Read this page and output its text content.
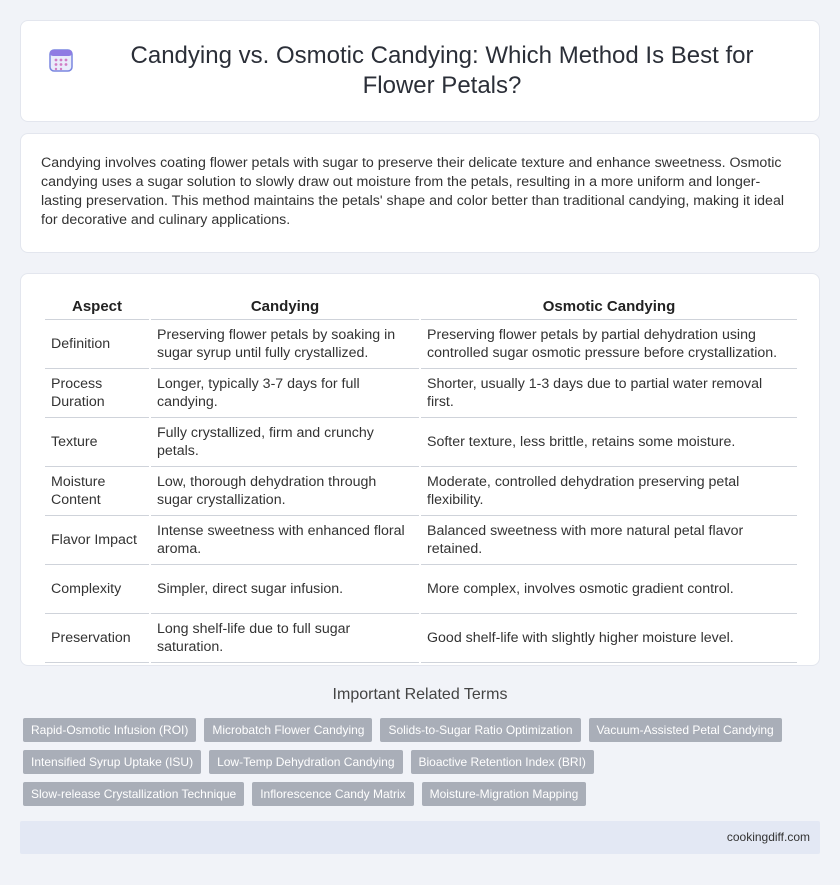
Candying vs. Osmotic Candying: Which Method Is Best for Flower Petals?

Candying involves coating flower petals with sugar to preserve their delicate texture and enhance sweetness. Osmotic candying uses a sugar solution to slowly draw out moisture from the petals, resulting in a more uniform and longer-lasting preservation. This method maintains the petals' shape and color better than traditional candying, making it ideal for decorative and culinary applications.

Aspect	Candying	Osmotic Candying
Definition	Preserving flower petals by soaking in sugar syrup until fully crystallized.	Preserving flower petals by partial dehydration using controlled sugar osmotic pressure before crystallization.
Process Duration	Longer, typically 3-7 days for full candying.	Shorter, usually 1-3 days due to partial water removal first.
Texture	Fully crystallized, firm and crunchy petals.	Softer texture, less brittle, retains some moisture.
Moisture Content	Low, thorough dehydration through sugar crystallization.	Moderate, controlled dehydration preserving petal flexibility.
Flavor Impact	Intense sweetness with enhanced floral aroma.	Balanced sweetness with more natural petal flavor retained.
Complexity	Simpler, direct sugar infusion.	More complex, involves osmotic gradient control.
Preservation	Long shelf-life due to full sugar saturation.	Good shelf-life with slightly higher moisture level.
Important Related Terms
Rapid-Osmotic Infusion (ROI)	Microbatch Flower Candying	Solids-to-Sugar Ratio Optimization	Vacuum-Assisted Petal Candying
Intensified Syrup Uptake (ISU)	Low-Temp Dehydration Candying	Bioactive Retention Index (BRI)
Slow-release Crystallization Technique	Inflorescence Candy Matrix	Moisture-Migration Mapping
cookingdiff.com
